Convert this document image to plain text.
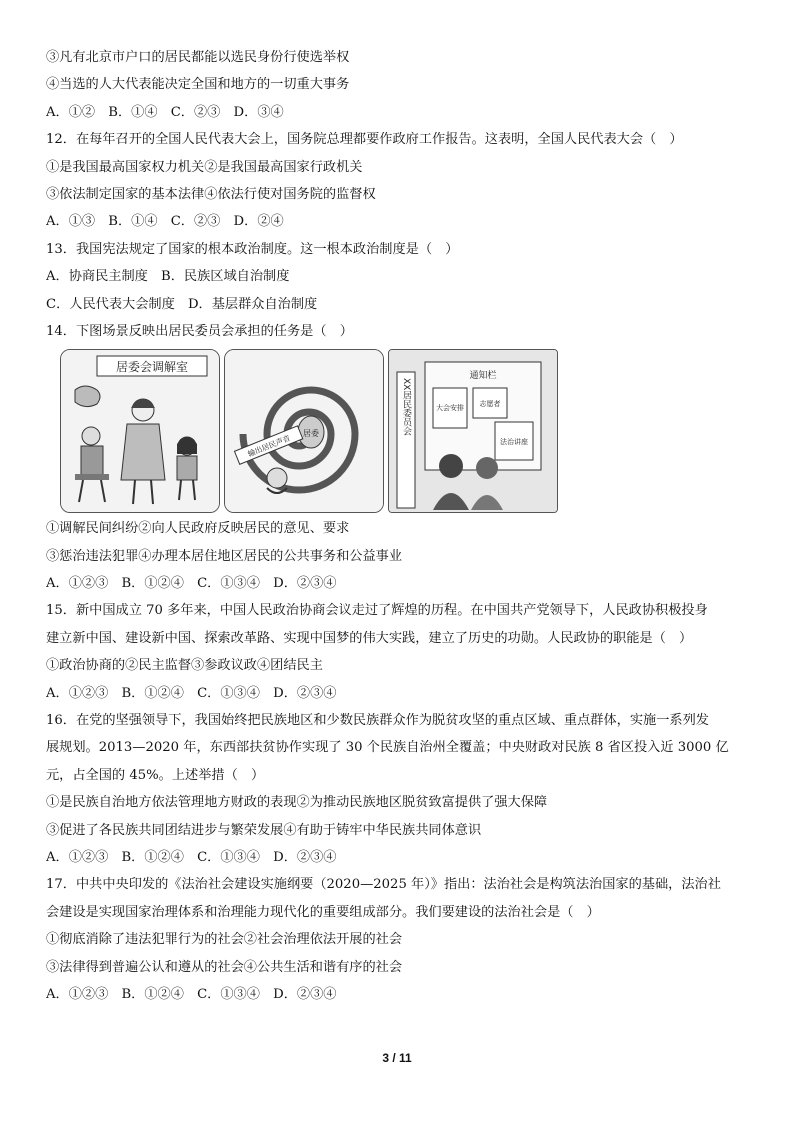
③凡有北京市户口的居民都能以选民身份行使选举权
④当选的人大代表能决定全国和地方的一切重大事务
A．①②　B．①④　C．②③　D．③④
12．在每年召开的全国人民代表大会上，国务院总理都要作政府工作报告。这表明，全国人民代表大会（　）
①是我国最高国家权力机关②是我国最高国家行政机关
③依法制定国家的基本法律④依法行使对国务院的监督权
A．①③　B．①④　C．②③　D．②④
13．我国宪法规定了国家的根本政治制度。这一根本政治制度是（　）
A．协商民主制度　B．民族区域自治制度
C．人民代表大会制度　D．基层群众自治制度
14．下图场景反映出居民委员会承担的任务是（　）
居委会调解室
居委
输出居民声音
XX居民委员会
通知栏
大会安排 志愿者
法治讲座
①调解民间纠纷②向人民政府反映居民的意见、要求
③惩治违法犯罪④办理本居住地区居民的公共事务和公益事业
A．①②③　B．①②④　C．①③④　D．②③④
15．新中国成立 70 多年来，中国人民政治协商会议走过了辉煌的历程。在中国共产党领导下，人民政协积极投身
建立新中国、建设新中国、探索改革路、实现中国梦的伟大实践，建立了历史的功勋。人民政协的职能是（　）
①政治协商的②民主监督③参政议政④团结民主
A．①②③　B．①②④　C．①③④　D．②③④
16．在党的坚强领导下，我国始终把民族地区和少数民族群众作为脱贫攻坚的重点区域、重点群体，实施一系列发
展规划。2013—2020 年，东西部扶贫协作实现了 30 个民族自治州全覆盖；中央财政对民族 8 省区投入近 3000 亿
元，占全国的 45%。上述举措（　）
①是民族自治地方依法管理地方财政的表现②为推动民族地区脱贫致富提供了强大保障
③促进了各民族共同团结进步与繁荣发展④有助于铸牢中华民族共同体意识
A．①②③　B．①②④　C．①③④　D．②③④
17．中共中央印发的《法治社会建设实施纲要（2020—2025 年）》指出：法治社会是构筑法治国家的基础，法治社
会建设是实现国家治理体系和治理能力现代化的重要组成部分。我们要建设的法治社会是（　）
①彻底消除了违法犯罪行为的社会②社会治理依法开展的社会
③法律得到普遍公认和遵从的社会④公共生活和谐有序的社会
A．①②③　B．①②④　C．①③④　D．②③④
3 / 11
